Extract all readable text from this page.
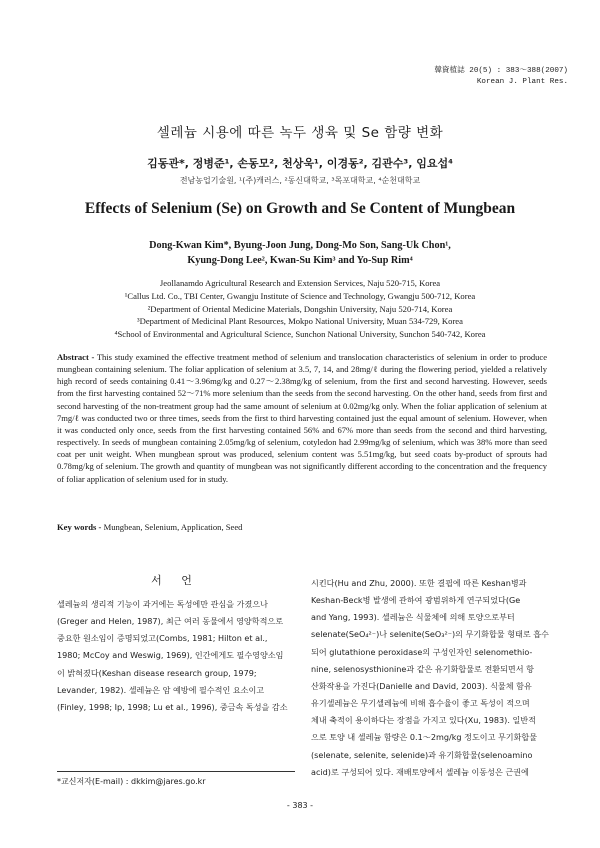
韓資植誌 20(5) : 383～388(2007)
Korean J. Plant Res.
셀레늄 시용에 따른 녹두 생육 및 Se 함량 변화
김동관*, 정병준¹, 손동모², 천상욱¹, 이경동², 김관수³, 임요섭⁴
전남농업기술원, ¹(주)캐러스, ²동신대학교, ³목포대학교, ⁴순천대학교
Effects of Selenium (Se) on Growth and Se Content of Mungbean
Dong-Kwan Kim*, Byung-Joon Jung, Dong-Mo Son, Sang-Uk Chon¹,
Kyung-Dong Lee², Kwan-Su Kim³ and Yo-Sup Rim⁴
Jeollanamdo Agricultural Research and Extension Services, Naju 520-715, Korea
¹Callus Ltd. Co., TBI Center, Gwangju Institute of Science and Technology, Gwangju 500-712, Korea
²Department of Oriental Medicine Materials, Dongshin University, Naju 520-714, Korea
³Department of Medicinal Plant Resources, Mokpo National University, Muan 534-729, Korea
⁴School of Environmental and Agricultural Science, Sunchon National University, Sunchon 540-742, Korea

Abstract - This study examined the effective treatment method of selenium and translocation characteristics of selenium in order to produce mungbean containing selenium. The foliar application of selenium at 3.5, 7, 14, and 28mg/ℓ during the flowering period, yielded a relatively high record of seeds containing 0.41～3.96mg/kg and 0.27～2.38mg/kg of selenium, from the first and second harvesting. However, seeds from the first harvesting contained 52～71% more selenium than the seeds from the second harvesting. On the other hand, seeds from first and second harvesting of the non-treatment group had the same amount of selenium at 0.02mg/kg only. When the foliar application of selenium at 7mg/ℓ was conducted two or three times, seeds from the first to third harvesting contained just the equal amount of selenium. However, when it was conducted only once, seeds from the first harvesting contained 56% and 67% more than seeds from the second and third harvesting, respectively. In seeds of mungbean containing 2.05mg/kg of selenium, cotyledon had 2.99mg/kg of selenium, which was 38% more than seed coat per unit weight. When mungbean sprout was produced, selenium content was 5.51mg/kg, but seed coats by-product of sprouts had 0.78mg/kg of selenium. The growth and quantity of mungbean was not significantly different according to the concentration and the frequency of foliar application of selenium used for in study.

Key words - Mungbean, Selenium, Application, Seed

서 언
셀레늄의 생리적 기능이 과거에는 독성에만 관심을 가졌으나
(Greger and Helen, 1987), 최근 여러 동물에서 영양학적으로
중요한 원소임이 증명되었고(Combs, 1981; Hilton et al.,
1980; McCoy and Weswig, 1969), 인간에게도 필수영양소임
이 밝혀졌다(Keshan disease research group, 1979;
Levander, 1982). 셀레늄은 암 예방에 필수적인 요소이고
(Finley, 1998; Ip, 1998; Lu et al., 1996), 중금속 독성을 감소
시킨다(Hu and Zhu, 2000). 또한 결핍에 따른 Keshan병과
Keshan-Beck병 발생에 관하여 광범위하게 연구되었다(Ge
and Yang, 1993). 셀레늄은 식물체에 의해 토양으로부터
selenate(SeO₄²⁻)나 selenite(SeO₃²⁻)의 무기화합물 형태로 흡수
되어 glutathione peroxidase의 구성인자인 selenomethio-
nine, selenosysthionine과 같은 유기화합물로 전환되면서 항
산화작용을 가진다(Danielle and David, 2003). 식물체 함유
유기셀레늄은 무기셀레늄에 비해 흡수율이 좋고 독성이 적으며
체내 축적이 용이하다는 장점을 가지고 있다(Xu, 1983). 일반적
으로 토양 내 셀레늄 함량은 0.1～2mg/kg 정도이고 무기화합물
(selenate, selenite, selenide)과 유기화합물(selenoamino
acid)로 구성되어 있다. 재배토양에서 셀레늄 이동성은 근권에
*교신저자(E-mail) : dkkim@jares.go.kr
- 383 -
